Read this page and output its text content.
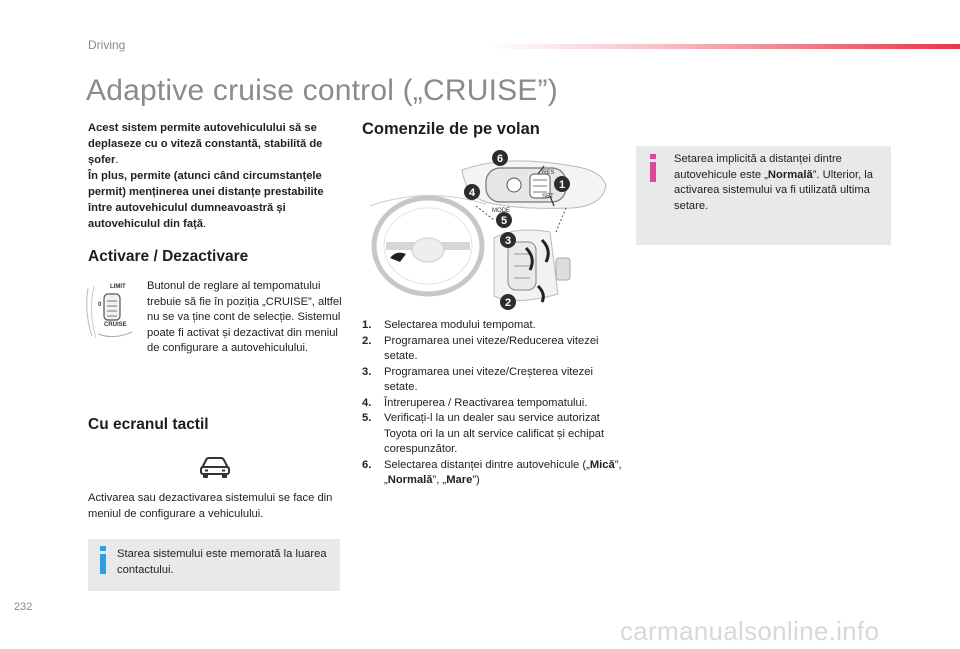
Driving
Adaptive cruise control („CRUISE”)
Acest sistem permite autovehiculului să se deplaseze cu o viteză constantă, stabilită de șofer.
În plus, permite (atunci când circumstanțele permit) menținerea unei distanțe prestabilite între autovehiculul dumneavoastră și autovehiculul din față.
Activare / Dezactivare
LIMIT
0
CRUISE
Butonul de reglare al tempomatului trebuie să fie în poziția „CRUISE”, altfel nu se va ține cont de selecție. Sistemul poate fi activat și dezactivat din meniul de configurare a autovehiculului.
Cu ecranul tactil
Activarea sau dezactivarea sistemului se face din meniul de configurare a vehiculului.
Starea sistemului este memorată la luarea contactului.
Comenzile de pe volan
6
1
4
5
3
2
RES
SET
MODE
1.	Selectarea modului tempomat.
2.	Programarea unei viteze/Reducerea vitezei setate.
3.	Programarea unei viteze/Creșterea vitezei setate.
4.	Întreruperea / Reactivarea tempomatului.
5.	Verificați-l la un dealer sau service autorizat Toyota ori la un alt service calificat și echipat corespunzător.
6.	Selectarea distanței dintre autovehicule („Mică”, „Normală”, „Mare”)
Setarea implicită a distanței dintre autovehicule este „Normală”. Ulterior, la activarea sistemului va fi utilizată ultima setare.
232
carmanualsonline.info
